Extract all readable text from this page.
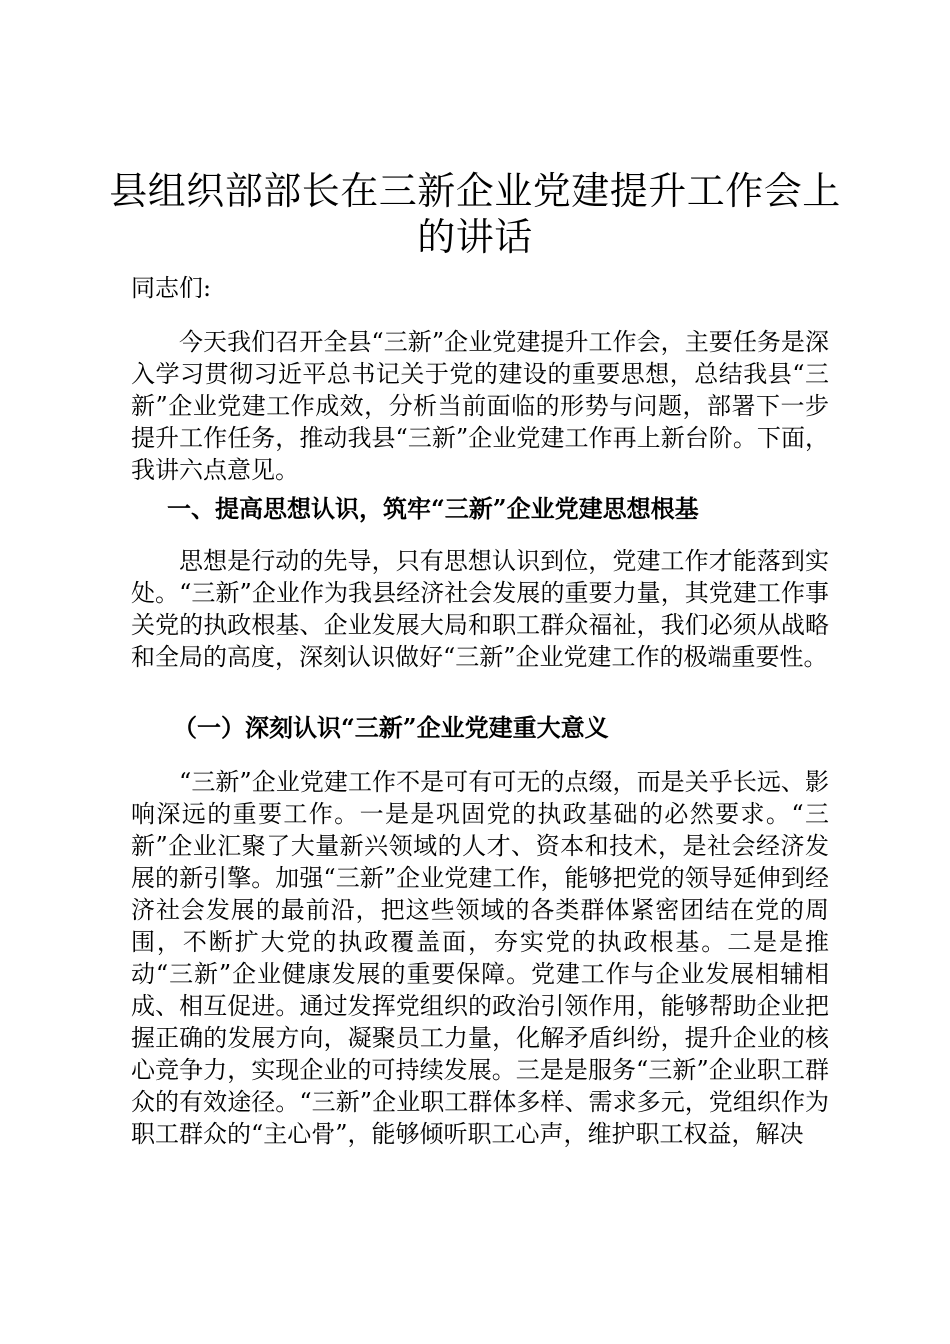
县组织部部长在三新企业党建提升工作会上的讲话

同志们:

今天我们召开全县“三新”企业党建提升工作会，主要任务是深入学习贯彻习近平总书记关于党的建设的重要思想，总结我县“三新”企业党建工作成效，分析当前面临的形势与问题，部署下一步提升工作任务，推动我县“三新”企业党建工作再上新台阶。下面，我讲六点意见。

一、提高思想认识，筑牢“三新”企业党建思想根基

思想是行动的先导，只有思想认识到位，党建工作才能落到实处。“三新”企业作为我县经济社会发展的重要力量，其党建工作事关党的执政根基、企业发展大局和职工群众福祉，我们必须从战略和全局的高度，深刻认识做好“三新”企业党建工作的极端重要性。

（一）深刻认识“三新”企业党建重大意义

“三新”企业党建工作不是可有可无的点缀，而是关乎长远、影响深远的重要工作。一是是巩固党的执政基础的必然要求。“三新”企业汇聚了大量新兴领域的人才、资本和技术，是社会经济发展的新引擎。加强“三新”企业党建工作，能够把党的领导延伸到经济社会发展的最前沿，把这些领域的各类群体紧密团结在党的周围，不断扩大党的执政覆盖面，夯实党的执政根基。二是是推动“三新”企业健康发展的重要保障。党建工作与企业发展相辅相成、相互促进。通过发挥党组织的政治引领作用，能够帮助企业把握正确的发展方向，凝聚员工力量，化解矛盾纠纷，提升企业的核心竞争力，实现企业的可持续发展。三是是服务“三新”企业职工群众的有效途径。“三新”企业职工群体多样、需求多元，党组织作为职工群众的“主心骨”，能够倾听职工心声，维护职工权益，解决
